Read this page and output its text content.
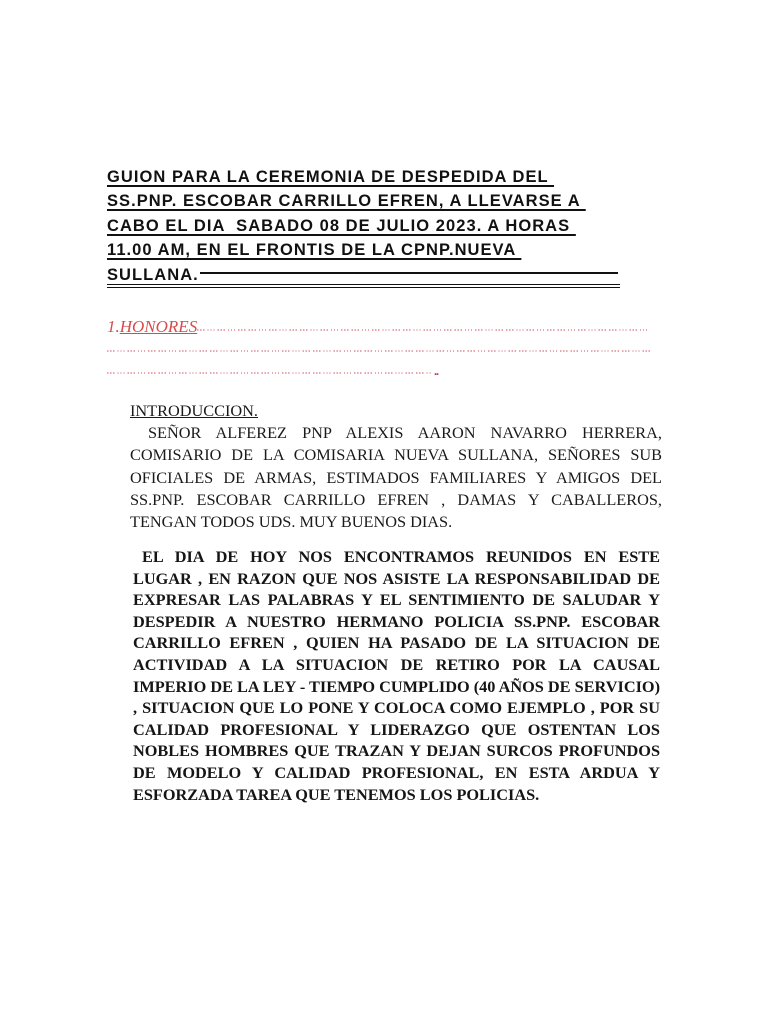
GUION PARA LA CEREMONIA DE DESPEDIDA DEL
SS.PNP. ESCOBAR CARRILLO EFREN, A LLEVARSE A
CABO EL DIA  SABADO 08 DE JULIO 2023. A HORAS
11.00 AM, EN EL FRONTIS DE LA CPNP.NUEVA
SULLANA.
1.HONORES
..
INTRODUCCION.

SEÑOR ALFEREZ PNP ALEXIS AARON NAVARRO HERRERA, COMISARIO DE LA COMISARIA NUEVA SULLANA, SEÑORES SUB OFICIALES DE ARMAS, ESTIMADOS FAMILIARES Y AMIGOS DEL SS.PNP. ESCOBAR CARRILLO EFREN , DAMAS Y CABALLEROS, TENGAN TODOS UDS. MUY BUENOS DIAS.

EL DIA DE HOY NOS ENCONTRAMOS REUNIDOS EN ESTE LUGAR , EN RAZON QUE NOS ASISTE LA RESPONSABILIDAD DE EXPRESAR LAS PALABRAS Y EL SENTIMIENTO DE SALUDAR Y DESPEDIR A NUESTRO HERMANO POLICIA SS.PNP. ESCOBAR CARRILLO EFREN , QUIEN HA PASADO DE LA SITUACION DE ACTIVIDAD A LA SITUACION DE RETIRO POR LA CAUSAL IMPERIO DE LA LEY - TIEMPO CUMPLIDO (40 AÑOS DE SERVICIO) , SITUACION QUE LO PONE Y COLOCA COMO EJEMPLO , POR SU CALIDAD PROFESIONAL Y LIDERAZGO QUE OSTENTAN LOS NOBLES HOMBRES QUE TRAZAN Y DEJAN SURCOS PROFUNDOS DE MODELO Y CALIDAD PROFESIONAL, EN ESTA ARDUA Y ESFORZADA TAREA QUE TENEMOS LOS POLICIAS.
